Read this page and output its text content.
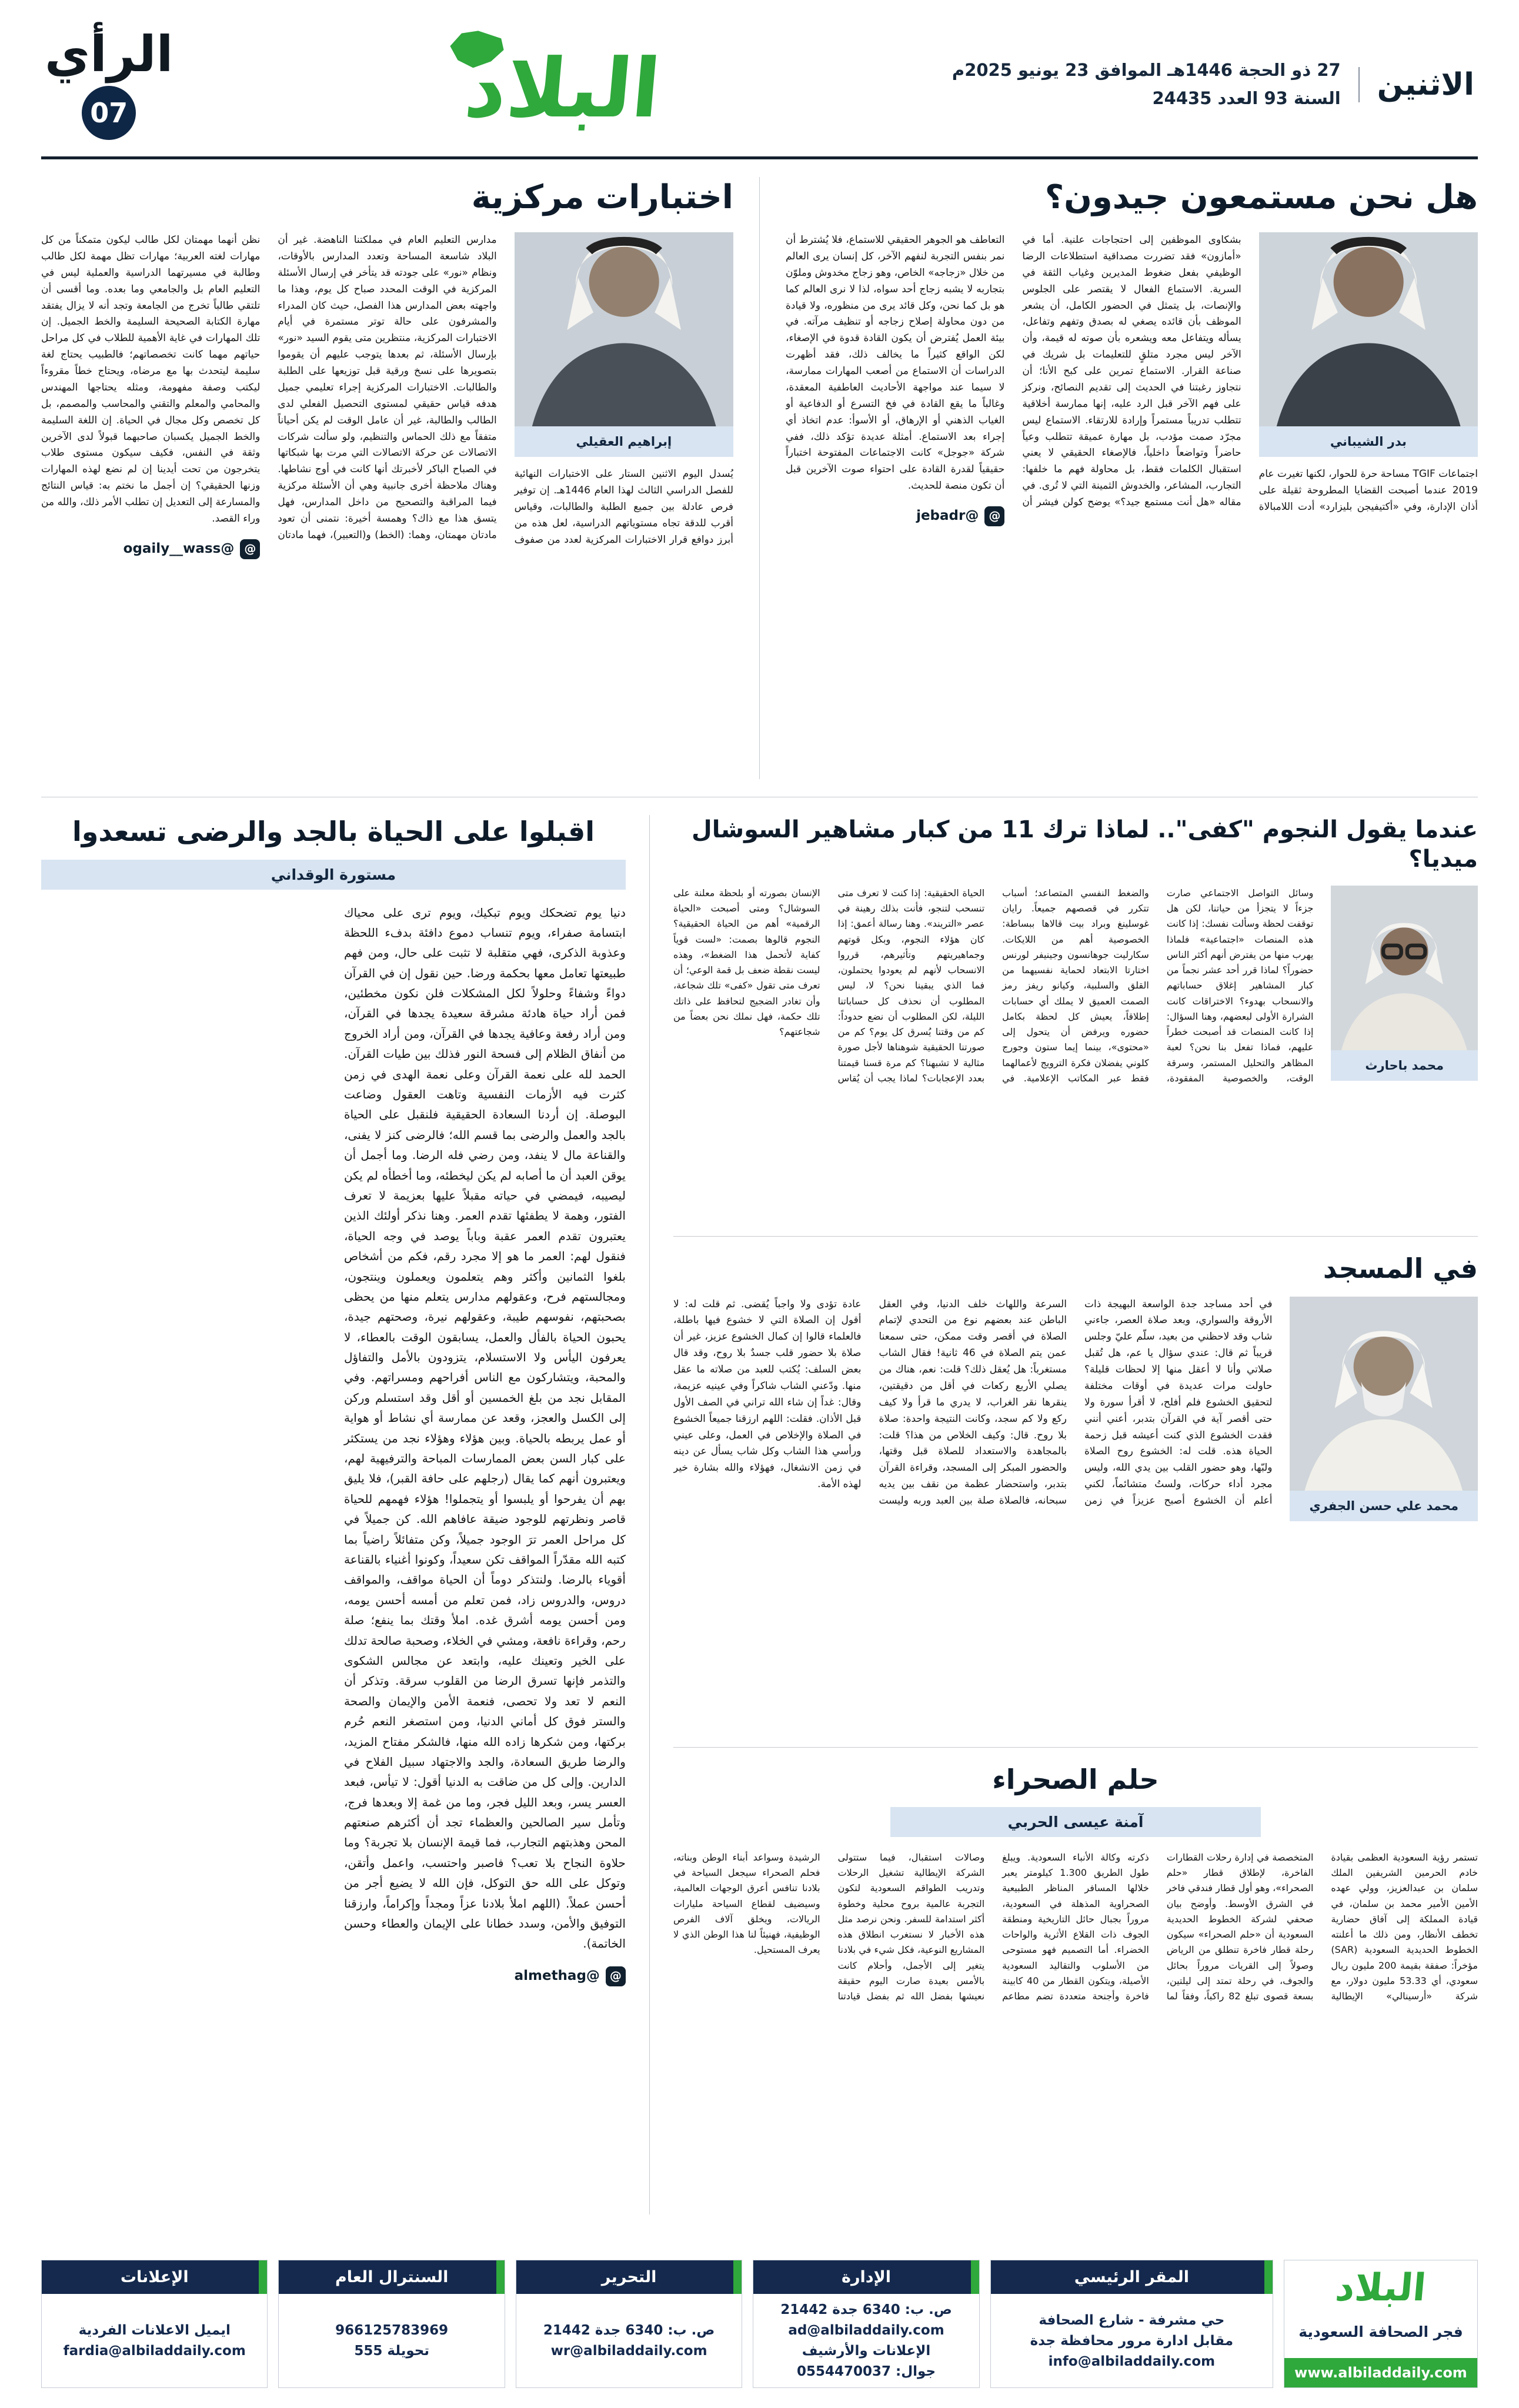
الاثنين
27 ذو الحجة 1446هـ الموافق 23 يونيو 2025م
السنة 93 العدد 24435
البلاد
الرأي
07
هل نحن مستمعون جيدون؟
بدر الشيباني
اجتماعات TGIF مساحة حرة للحوار، لكنها تغيرت عام 2019 عندما أصبحت القضايا المطروحة ثقيلة على أذان الإدارة، وفي «أكتيفيجن بليزارد» أدت اللامبالاة بشكاوى الموظفين إلى احتجاجات علنية. أما في «أمازون» فقد تضررت مصداقية استطلاعات الرضا الوظيفي بفعل ضغوط المديرين وغياب الثقة في السرية. الاستماع الفعال لا يقتصر على الجلوس والإنصات، بل يتمثل في الحضور الكامل، أن يشعر الموظف بأن قائده يصغي له بصدق وتفهم وتفاعل، يسأله ويتفاعل معه ويشعره بأن صوته له قيمة، وأن الآخر ليس مجرد متلقٍ للتعليمات بل شريك في صناعة القرار. الاستماع تمرين على كبح الأنا؛ أن نتجاوز رغبتنا في الحديث إلى تقديم النصائح، ونركز على فهم الآخر قبل الرد عليه، إنها ممارسة أخلاقية تتطلب تدريباً مستمراً وإرادة للارتقاء. الاستماع ليس مجرّد صمت مؤدب، بل مهارة عميقة تتطلب وعياً حاضراً وتواضعاً داخلياً، فالإصغاء الحقيقي لا يعني استقبال الكلمات فقط، بل محاولة فهم ما خلفها: التجارب، المشاعر، والخدوش الثمينة التي لا تُرى. في مقاله «هل أنت مستمع جيد؟» يوضح كولن فيشر أن التعاطف هو الجوهر الحقيقي للاستماع، فلا يُشترط أن نمر بنفس التجربة لنفهم الآخر، كل إنسان يرى العالم من خلال «زجاجه» الخاص، وهو زجاج مخدوش وملوّن بتجاربه لا يشبه زجاج أحد سواه، لذا لا نرى العالم كما هو بل كما نحن، وكل قائد يرى من منظوره، ولا قيادة من دون محاولة إصلاح زجاجه أو تنظيف مرآته. في بيئة العمل يُفترض أن يكون القادة قدوة في الإصغاء، لكن الواقع كثيراً ما يخالف ذلك، فقد أظهرت الدراسات أن الاستماع من أصعب المهارات ممارسة، لا سيما عند مواجهة الأحاديث العاطفية المعقدة، وغالباً ما يقع القادة في فخ التسرع أو الدفاعية أو الغياب الذهني أو الإرهاق، أو الأسوأ: عدم اتخاذ أي إجراء بعد الاستماع. أمثلة عديدة تؤكد ذلك، ففي شركة «جوجل» كانت الاجتماعات المفتوحة اختباراً حقيقياً لقدرة القادة على احتواء صوت الآخرين قبل أن تكون منصة للحديث.
@
@jebadr
اختبارات مركزية
إبراهيم العقيلي
يُسدل اليوم الاثنين الستار على الاختبارات النهائية للفصل الدراسي الثالث لهذا العام 1446هـ. إن توفير فرص عادلة بين جميع الطلبة والطالبات، وقياس أقرب للدقة تجاه مستوياتهم الدراسية، لعل هذه من أبرز دوافع قرار الاختبارات المركزية لعدد من صفوف مدارس التعليم العام في مملكتنا الناهضة. غير أن البلاد شاسعة المساحة وتعدد المدارس بالأوقات، ونظام «نور» على جودته قد يتأخر في إرسال الأسئلة المركزية في الوقت المحدد صباح كل يوم، وهذا ما واجهته بعض المدارس هذا الفصل، حيث كان المدراء والمشرفون على حالة توتر مستمرة في أيام الاختبارات المركزية، منتظرين متى يقوم السيد «نور» بإرسال الأسئلة، ثم بعدها يتوجب عليهم أن يقوموا بتصويرها على نسخ ورقية قبل توزيعها على الطلبة والطالبات. الاختبارات المركزية إجراء تعليمي جميل هدفه قياس حقيقي لمستوى التحصيل الفعلي لدى الطالب والطالبة، غير أن عامل الوقت لم يكن أحياناً متفقاً مع ذلك الحماس والتنظيم، ولو سألت شركات الاتصالات عن حركة الاتصالات التي مرت بها شبكاتها في الصباح الباكر لأخبرتك أنها كانت في أوج نشاطها. وهناك ملاحظة أخرى جانبية وهي أن الأسئلة مركزية فيما المراقبة والتصحيح من داخل المدارس، فهل يتسق هذا مع ذاك؟ وهمسة أخيرة: نتمنى أن تعود مادتان مهمتان، وهما: (الخط) و(التعبير)، فهما مادتان نظن أنهما مهمتان لكل طالب ليكون متمكناً من كل مهارات لغته العربية؛ مهارات تظل مهمة لكل طالب وطالبة في مسيرتهما الدراسية والعملية ليس في التعليم العام بل والجامعي وما بعده. وما أقسى أن تلتقي طالباً تخرج من الجامعة وتجد أنه لا يزال يفتقد مهارة الكتابة الصحيحة السليمة والخط الجميل. إن تلك المهارات في غاية الأهمية للطلاب في كل مراحل حياتهم مهما كانت تخصصاتهم؛ فالطبيب يحتاج لغة سليمة ليتحدث بها مع مرضاه، ويحتاج خطاً مقروءاً ليكتب وصفة مفهومة، ومثله يحتاجها المهندس والمحامي والمعلم والتقني والمحاسب والمصمم، بل كل تخصص وكل مجال في الحياة. إن اللغة السليمة والخط الجميل يكسبان صاحبهما قبولاً لدى الآخرين وثقة في النفس، فكيف سيكون مستوى طلاب يتخرجون من تحت أيدينا إن لم نضع لهذه المهارات وزنها الحقيقي؟ إن أجمل ما نختم به: قياس النتائج والمسارعة إلى التعديل إن تطلب الأمر ذلك، والله من وراء القصد.
@
@ogaily__wass
عندما يقول النجوم "كفى".. لماذا ترك 11 من كبار مشاهير السوشال ميديا؟
محمد باحارث
وسائل التواصل الاجتماعي صارت جزءاً لا يتجزأ من حياتنا، لكن هل توقفت لحظة وسألت نفسك: إذا كانت هذه المنصات «اجتماعية» فلماذا يهرب منها من يفترض أنهم أكثر الناس حضوراً؟ لماذا قرر أحد عشر نجماً من كبار المشاهير إغلاق حساباتهم والانسحاب بهدوء؟ الاختراقات كانت الشرارة الأولى لبعضهم، وهنا السؤال: إذا كانت المنصات قد أصبحت خطراً عليهم، فماذا تفعل بنا نحن؟ لعبة المظاهر والتحليل المستمر، وسرقة الوقت، والخصوصية المفقودة، والضغط النفسي المتصاعد؛ أسباب تتكرر في قصصهم جميعاً. رايان غوسلينغ وبراد بيت قالاها ببساطة: الخصوصية أهم من اللايكات. سكارليت جوهانسون وجينيفر لورنس اختارتا الابتعاد لحماية نفسيهما من القلق والسلبية، وكيانو ريفز رمز الصمت العميق لا يملك أي حسابات إطلاقاً، يعيش كل لحظة بكامل حضوره ويرفض أن يتحول إلى «محتوى»، بينما إيما ستون وجورج كلوني يفضلان فكرة الترويج لأعمالهما فقط عبر المكاتب الإعلامية. في الحياة الحقيقية: إذا كنت لا تعرف متى تنسحب لتنجو، فأنت بذلك رهينة في عصر «التريند». وهنا رسالة أعمق: إذا كان هؤلاء النجوم، وبكل قوتهم وجماهيريتهم وتأثيرهم، قرروا الانسحاب لأنهم لم يعودوا يحتملون، فما الذي يبقينا نحن؟ لا، ليس المطلوب أن نحذف كل حساباتنا الليلة، لكن المطلوب أن نضع حدوداً: كم من وقتنا يُسرق كل يوم؟ كم من صورتنا الحقيقية شوهناها لأجل صورة مثالية لا تشبهنا؟ كم مرة قسنا قيمتنا بعدد الإعجابات؟ لماذا يجب أن يُقاس الإنسان بصورته أو بلحظة معلنة على السوشال؟ ومتى أصبحت «الحياة الرقمية» أهم من الحياة الحقيقية؟ النجوم قالوها بصمت: «لست قوياً كفاية لأتحمل هذا الضغط»، وهذه ليست نقطة ضعف بل قمة الوعي؛ أن تعرف متى تقول «كفى» تلك شجاعة، وأن تغادر الضجيج لتحافظ على ذاتك تلك حكمة، فهل نملك نحن بعضاً من شجاعتهم؟
في المسجد
محمد علي حسن الجفري
في أحد مساجد جدة الواسعة البهيجة ذات الأروقة والسواري، وبعد صلاة العصر، جاءني شاب وقد لاحظني من بعيد، سلّم عليّ وجلس قريباً ثم قال: عندي سؤال يا عم، هل تُقبل صلاتي وأنا لا أعقل منها إلا لحظات قليلة؟ حاولت مرات عديدة في أوقات مختلفة لتحقيق الخشوع فلم أفلح، لا أقرأ سورة ولا حتى أقصر آية في القرآن بتدبر، أعني أنني فقدت الخشوع الذي كنت أعيشه قبل زحمة الحياة هذه. قلت له: الخشوع روح الصلاة ولبّها، وهو حضور القلب بين يدي الله، وليس مجرد أداء حركات، ولستُ متشائماً، لكني أعلم أن الخشوع أصبح عزيزاً في زمن السرعة واللهاث خلف الدنيا، وفي العقل الباطن عند بعضهم نوع من التحدي لإتمام الصلاة في أقصر وقت ممكن، حتى سمعنا عمن يتم الصلاة في 46 ثانية! فقال الشاب مستغرباً: هل يُعقل ذلك؟ قلت: نعم، هناك من يصلي الأربع ركعات في أقل من دقيقتين، ينقرها نقر الغراب، لا يدري ما قرأ ولا كيف ركع ولا كم سجد، وكانت النتيجة واحدة: صلاة بلا روح. قال: وكيف الخلاص من هذا؟ قلت: بالمجاهدة والاستعداد للصلاة قبل وقتها، والحضور المبكر إلى المسجد، وقراءة القرآن بتدبر، واستحضار عظمة من نقف بين يديه سبحانه، فالصلاة صلة بين العبد وربه وليست عادة تؤدى ولا واجباً يُقضى. ثم قلت له: لا أقول إن الصلاة التي لا خشوع فيها باطلة، فالعلماء قالوا إن كمال الخشوع عزيز، غير أن صلاة بلا حضور قلب جسدٌ بلا روح، وقد قال بعض السلف: يُكتب للعبد من صلاته ما عقل منها. ودّعني الشاب شاكراً وفي عينيه عزيمة، وقال: غداً إن شاء الله تراني في الصف الأول قبل الأذان. فقلت: اللهم ارزقنا جميعاً الخشوع في الصلاة والإخلاص في العمل، وعلى عيني ورأسي هذا الشاب وكل شاب يسأل عن دينه في زمن الانشغال، فهؤلاء والله بشارة خير لهذه الأمة.
حلم الصحراء
آمنة عيسى الحربي
تستمر رؤية السعودية العظمى بقيادة خادم الحرمين الشريفين الملك سلمان بن عبدالعزيز، وولي عهده الأمين الأمير محمد بن سلمان، في قيادة المملكة إلى آفاق حضارية تخطف الأنظار، ومن ذلك ما أعلنته الخطوط الحديدية السعودية (SAR) مؤخراً: صفقة بقيمة 200 مليون ريال سعودي، أي 53.33 مليون دولار، مع شركة «أرسينالي» الإيطالية المتخصصة في إدارة رحلات القطارات الفاخرة، لإطلاق قطار «حلم الصحراء»، وهو أول قطار فندقي فاخر في الشرق الأوسط. وأوضح بيان صحفي لشركة الخطوط الحديدية السعودية أن «حلم الصحراء» سيكون رحلة قطار فاخرة تنطلق من الرياض وصولاً إلى القريات مروراً بحائل والجوف، في رحلة تمتد إلى ليلتين، بسعة قصوى تبلغ 82 راكباً، وفقاً لما ذكرته وكالة الأنباء السعودية. ويبلغ طول الطريق 1.300 كيلومتر يعبر خلالها المسافر المناظر الطبيعية الصحراوية المذهلة في السعودية، مروراً بجبال حائل التاريخية ومنطقة الجوف ذات القلاع الأثرية والواحات الخضراء. أما التصميم فهو مستوحى من الأسلوب والتقاليد السعودية الأصيلة، ويتكون القطار من 40 كابينة فاخرة وأجنحة متعددة تضم مطاعم وصالات استقبال، فيما ستتولى الشركة الإيطالية تشغيل الرحلات وتدريب الطواقم السعودية لتكون التجربة عالمية بروح محلية وخطوة أكثر استدامة للسفر. ونحن نرصد مثل هذه الأخبار لا نستغرب انطلاق هذه المشاريع النوعية، فكل شيء في بلادنا يتغير إلى الأجمل، وأحلام كانت بالأمس بعيدة صارت اليوم حقيقة نعيشها بفضل الله ثم بفضل قيادتنا الرشيدة وسواعد أبناء الوطن وبناته، فحلم الصحراء سيجعل السياحة في بلادنا تنافس أعرق الوجهات العالمية، وسيضيف لقطاع السياحة مليارات الريالات، ويخلق آلاف الفرص الوظيفية، فهنيئاً لنا هذا الوطن الذي لا يعرف المستحيل.
اقبلوا على الحياة بالجد والرضى تسعدوا
مستورة الوقداني
دنيا يوم تضحكك ويوم تبكيك، ويوم ترى على محياك ابتسامة صفراء، ويوم تنساب دموع دافئة بدفء اللحظة وعذوبة الذكرى، فهي متقلبة لا تثبت على حال، ومن فهم طبيعتها تعامل معها بحكمة ورضا. حين نقول إن في القرآن دواءً وشفاءً وحلولاً لكل المشكلات فلن نكون مخطئين، فمن أراد حياة هادئة مشرقة سعيدة يجدها في القرآن، ومن أراد رفعة وعافية يجدها في القرآن، ومن أراد الخروج من أنفاق الظلام إلى فسحة النور فذلك بين طيات القرآن. الحمد لله على نعمة القرآن وعلى نعمة الهدى في زمن كثرت فيه الأزمات النفسية وتاهت العقول وضاعت البوصلة. إن أردنا السعادة الحقيقية فلنقبل على الحياة بالجد والعمل والرضى بما قسم الله؛ فالرضى كنز لا يفنى، والقناعة مال لا ينفد، ومن رضي فله الرضا. وما أجمل أن يوقن العبد أن ما أصابه لم يكن ليخطئه، وما أخطأه لم يكن ليصيبه، فيمضي في حياته مقبلاً عليها بعزيمة لا تعرف الفتور، وهمة لا يطفئها تقدم العمر. وهنا نذكر أولئك الذين يعتبرون تقدم العمر عقبة وباباً يوصد في وجه الحياة، فنقول لهم: العمر ما هو إلا مجرد رقم، فكم من أشخاص بلغوا الثمانين وأكثر وهم يتعلمون ويعملون وينتجون، ومجالستهم فرح، وعقولهم مدارس يتعلم منها من يحظى بصحبتهم، نفوسهم طيبة، وعقولهم نيرة، وصحتهم جيدة، يحبون الحياة بالفأل والعمل، يسابقون الوقت بالعطاء، لا يعرفون اليأس ولا الاستسلام، يتزودون بالأمل والتفاؤل والمحبة، ويتشاركون مع الناس أفراحهم ومسراتهم. وفي المقابل نجد من بلغ الخمسين أو أقل وقد استسلم وركن إلى الكسل والعجز، وقعد عن ممارسة أي نشاط أو هواية أو عمل يربطه بالحياة. وبين هؤلاء وهؤلاء نجد من يستكثر على كبار السن بعض الممارسات المباحة والترفيهية لهم، ويعتبرون أنهم كما يقال (رجلهم على حافة القبر)، فلا يليق بهم أن يفرحوا أو يلبسوا أو يتجملوا! هؤلاء فهمهم للحياة قاصر ونظرتهم للوجود ضيقة عافاهم الله. كن جميلاً في كل مراحل العمر ترَ الوجود جميلاً، وكن متفائلاً راضياً بما كتبه الله مقدّراً المواقف تكن سعيداً، وكونوا أغنياء بالقناعة أقوياء بالرضا. ولنتذكر دوماً أن الحياة مواقف، والمواقف دروس، والدروس زاد، فمن تعلم من أمسه أحسن يومه، ومن أحسن يومه أشرق غده. املأ وقتك بما ينفع؛ صلة رحم، وقراءة نافعة، ومشي في الخلاء، وصحبة صالحة تدلك على الخير وتعينك عليه، وابتعد عن مجالس الشكوى والتذمر فإنها تسرق الرضا من القلوب سرقة. وتذكر أن النعم لا تعد ولا تحصى، فنعمة الأمن والإيمان والصحة والستر فوق كل أماني الدنيا، ومن استصغر النعم حُرم بركتها، ومن شكرها زاده الله منها، فالشكر مفتاح المزيد، والرضا طريق السعادة، والجد والاجتهاد سبيل الفلاح في الدارين. وإلى كل من ضاقت به الدنيا أقول: لا تيأس، فبعد العسر يسر، وبعد الليل فجر، وما من غمة إلا وبعدها فرج، وتأمل سير الصالحين والعظماء تجد أن أكثرهم صنعتهم المحن وهذبتهم التجارب، فما قيمة الإنسان بلا تجربة؟ وما حلاوة النجاح بلا تعب؟ فاصبر واحتسب، واعمل وأتقن، وتوكل على الله حق التوكل، فإن الله لا يضيع أجر من أحسن عملاً. (اللهم املأ بلادنا عزاً ومجداً وإكراماً، وارزقنا التوفيق والأمن، وسدد خطانا على الإيمان والعطاء وحسن الخاتمة).
@
@almethag
البلاد
فجر الصحافة السعودية
www.albiladdaily.com
المقر الرئيسي
حي مشرفة - شارع الصحافة
مقابل ادارة مرور محافظة جدة
info@albiladdaily.com
الإدارة
ص. ب: 6340 جدة 21442
ad@albiladdaily.com
الإعلانات والأرشيف
جوال: 0554470037
التحرير
ص. ب: 6340 جدة 21442
wr@albiladdaily.com
السنترال العام
966125783969
تحويلة 555
الإعلانات
ايميل الاعلانات الفردية
fardia@albiladdaily.com
